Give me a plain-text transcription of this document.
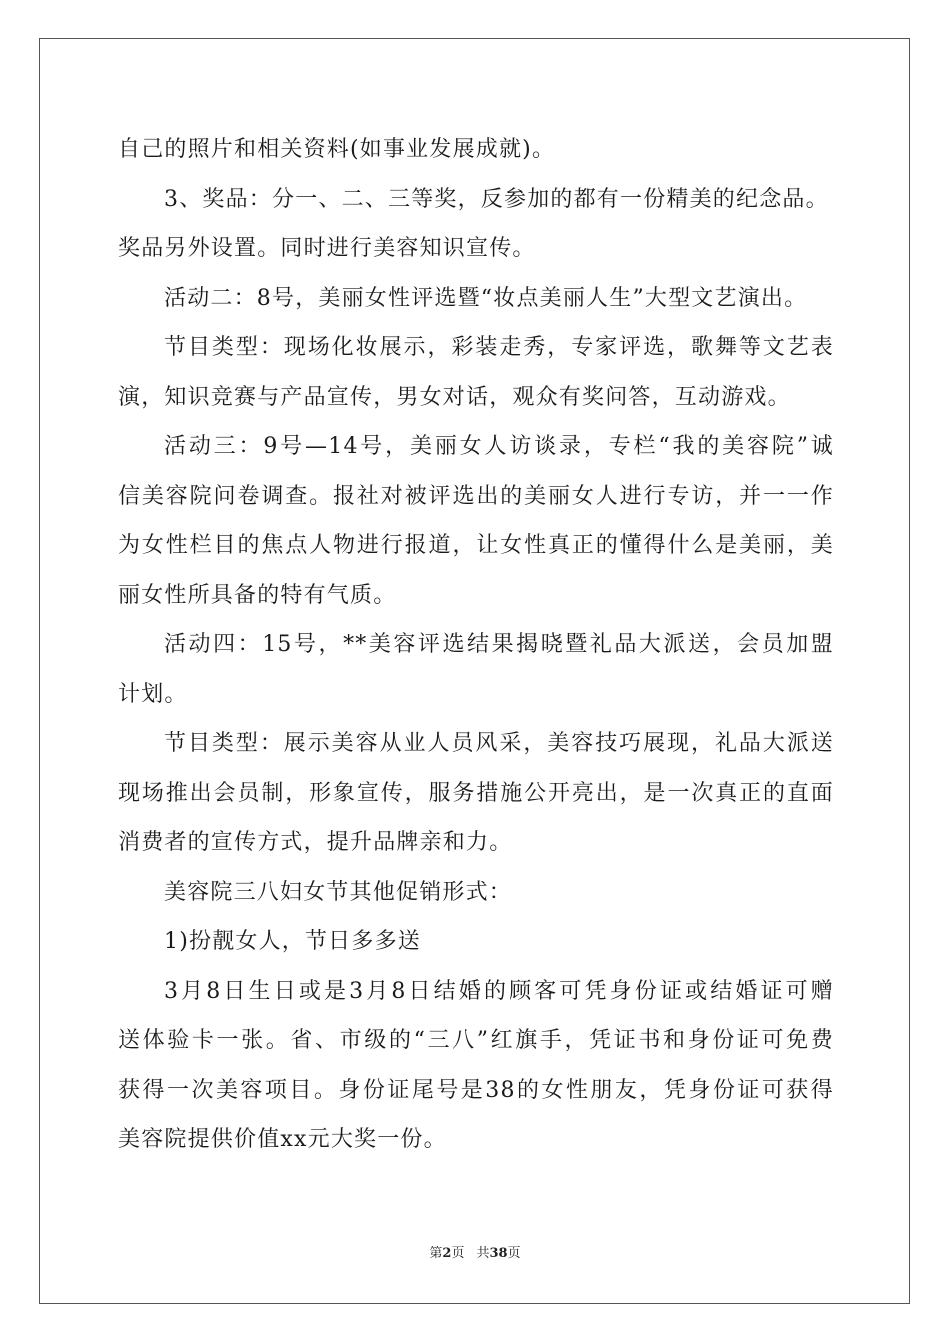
自己的照片和相关资料(如事业发展成就)。
3、奖品：分一、二、三等奖，反参加的都有一份精美的纪念品。
奖品另外设置。同时进行美容知识宣传。
活动二：8号，美丽女性评选暨“妆点美丽人生”大型文艺演出。
节目类型：现场化妆展示，彩装走秀，专家评选，歌舞等文艺表
演，知识竞赛与产品宣传，男女对话，观众有奖问答，互动游戏。
活动三：9号—14号，美丽女人访谈录，专栏“我的美容院”诚
信美容院问卷调查。报社对被评选出的美丽女人进行专访，并一一作
为女性栏目的焦点人物进行报道，让女性真正的懂得什么是美丽，美
丽女性所具备的特有气质。
活动四：15号，**美容评选结果揭晓暨礼品大派送，会员加盟
计划。
节目类型：展示美容从业人员风采，美容技巧展现，礼品大派送
现场推出会员制，形象宣传，服务措施公开亮出，是一次真正的直面
消费者的宣传方式，提升品牌亲和力。
美容院三八妇女节其他促销形式：
1)扮靓女人，节日多多送
3月8日生日或是3月8日结婚的顾客可凭身份证或结婚证可赠
送体验卡一张。省、市级的“三八”红旗手，凭证书和身份证可免费
获得一次美容项目。身份证尾号是38的女性朋友，凭身份证可获得
美容院提供价值xx元大奖一份。
第2页 共38页
